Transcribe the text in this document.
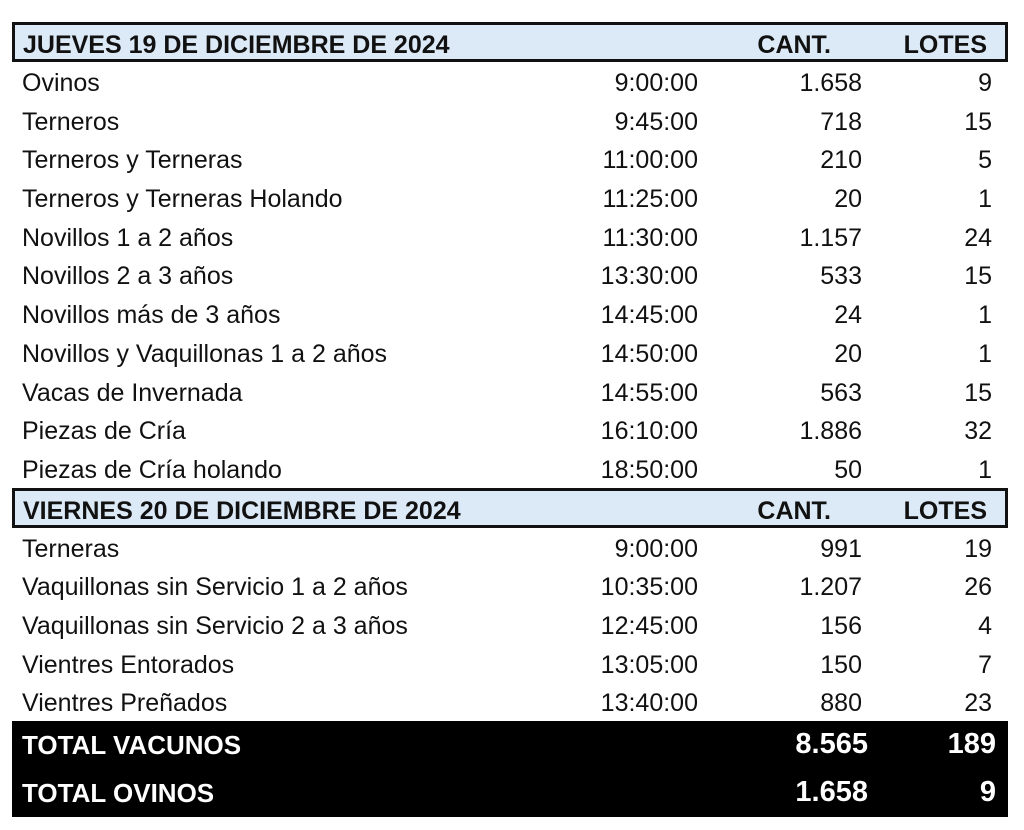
JUEVES 19 DE DICIEMBRE DE 2024	CANT.	LOTES
Ovinos	9:00:00	1.658	9
Terneros	9:45:00	718	15
Terneros y Terneras	11:00:00	210	5
Terneros y Terneras Holando	11:25:00	20	1
Novillos 1 a 2 años	11:30:00	1.157	24
Novillos 2 a 3 años	13:30:00	533	15
Novillos más de 3 años	14:45:00	24	1
Novillos y Vaquillonas 1 a 2 años	14:50:00	20	1
Vacas de Invernada	14:55:00	563	15
Piezas de Cría	16:10:00	1.886	32
Piezas de Cría holando	18:50:00	50	1
VIERNES 20 DE DICIEMBRE DE 2024	CANT.	LOTES
Terneras	9:00:00	991	19
Vaquillonas sin Servicio 1 a 2 años	10:35:00	1.207	26
Vaquillonas sin Servicio 2 a 3 años	12:45:00	156	4
Vientres Entorados	13:05:00	150	7
Vientres Preñados	13:40:00	880	23
TOTAL VACUNOS	8.565	189
TOTAL OVINOS	1.658	9
